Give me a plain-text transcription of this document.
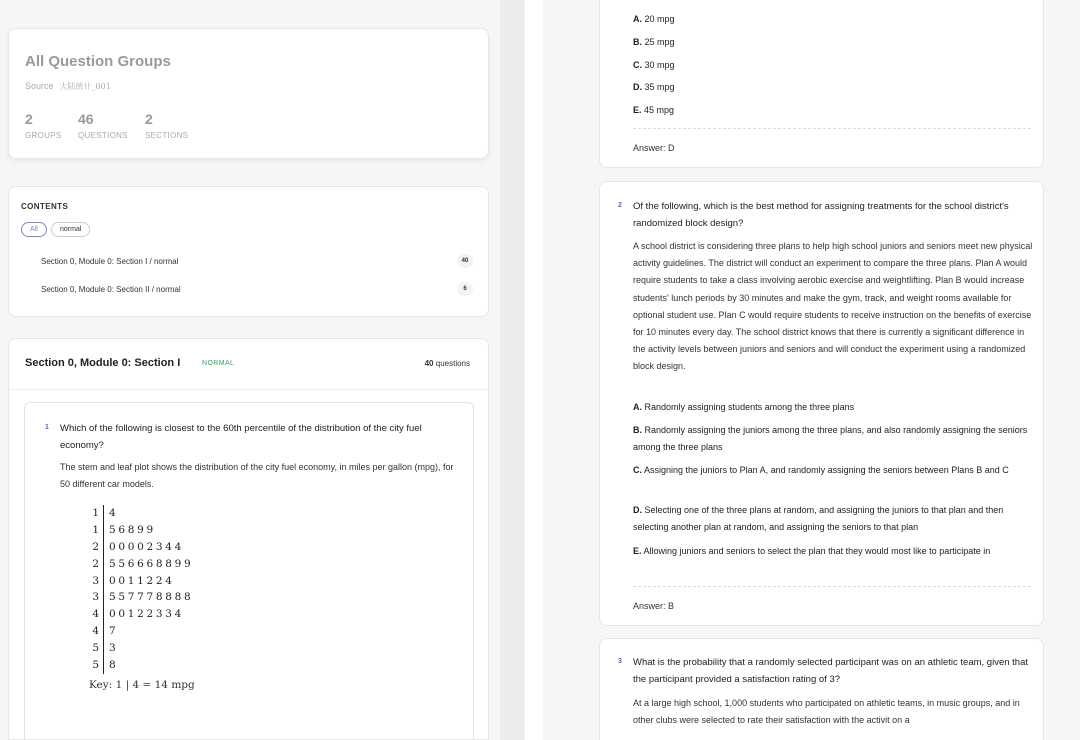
All Question Groups
Source 大陆统计_001
2
GROUPS
46
QUESTIONS
2
SECTIONS
CONTENTS
All	normal
Section 0, Module 0: Section I / normal	40
Section 0, Module 0: Section II / normal	6
Section 0, Module 0: Section I	NORMAL	40 questions
1 Which of the following is closest to the 60th percentile of the distribution of the city fuel economy?
The stem and leaf plot shows the distribution of the city fuel economy, in miles per gallon (mpg), for 50 different car models.
1 4
1 56899
2 00002344
2 556668899
3 0011224
3 557778888
4 00122334
4 7
5 3
5 8
Key: 1 | 4 = 14 mpg
A. 20 mpg
B. 25 mpg
C. 30 mpg
D. 35 mpg
E. 45 mpg
Answer: D
2 Of the following, which is the best method for assigning treatments for the school district's randomized block design?
A school district is considering three plans to help high school juniors and seniors meet new physical activity guidelines. The district will conduct an experiment to compare the three plans. Plan A would require students to take a class involving aerobic exercise and weightlifting. Plan B would increase students' lunch periods by 30 minutes and make the gym, track, and weight rooms available for optional student use. Plan C would require students to receive instruction on the benefits of exercise for 10 minutes every day. The school district knows that there is currently a significant difference in the activity levels between juniors and seniors and will conduct the experiment using a randomized block design.
A. Randomly assigning students among the three plans
B. Randomly assigning the juniors among the three plans, and also randomly assigning the seniors among the three plans
C. Assigning the juniors to Plan A, and randomly assigning the seniors between Plans B and C
D. Selecting one of the three plans at random, and assigning the juniors to that plan and then selecting another plan at random, and assigning the seniors to that plan
E. Allowing juniors and seniors to select the plan that they would most like to participate in
Answer: B
3 What is the probability that a randomly selected participant was on an athletic team, given that the participant provided a satisfaction rating of 3?
At a large high school, 1,000 students who participated on athletic teams, in music groups, and in other clubs were selected to rate their satisfaction with the activit on a
